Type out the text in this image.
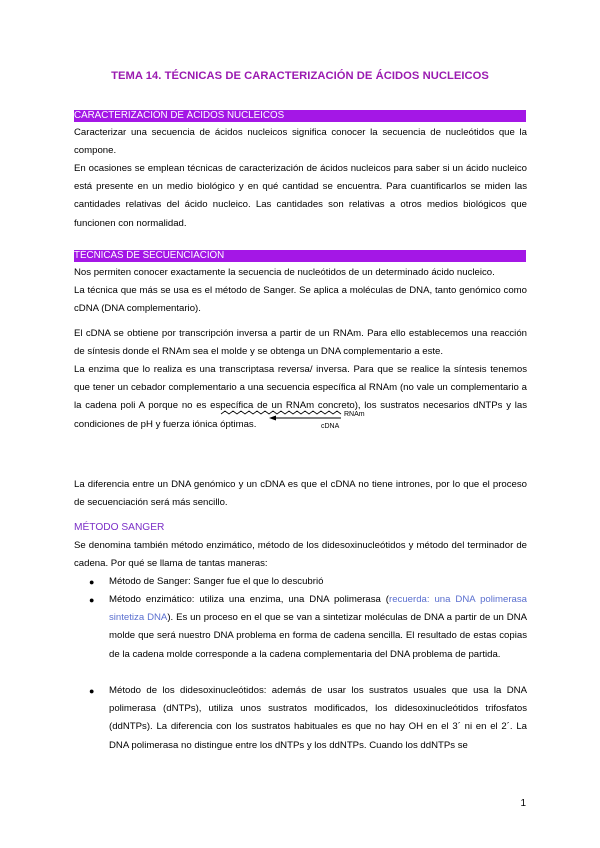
TEMA 14. TÉCNICAS DE CARACTERIZACIÓN DE ÁCIDOS NUCLEICOS
CARACTERIZACIÓN DE ÁCIDOS NUCLEICOS

Caracterizar una secuencia de ácidos nucleicos significa conocer la secuencia de nucleótidos que la compone.

En ocasiones se emplean técnicas de caracterización de ácidos nucleicos para saber si un ácido nucleico está presente en un medio biológico y en qué cantidad se encuentra. Para cuantificarlos se miden las cantidades relativas del ácido nucleico. Las cantidades son relativas a otros medios biológicos que funcionen con normalidad.

TÉCNICAS DE SECUENCIACIÓN

Nos permiten conocer exactamente la secuencia de nucleótidos de un determinado ácido nucleico.

La técnica que más se usa es el método de Sanger. Se aplica a moléculas de DNA, tanto genómico como cDNA (DNA complementario).

El cDNA se obtiene por transcripción inversa a partir de un RNAm. Para ello establecemos una reacción de síntesis donde el RNAm sea el molde y se obtenga un DNA complementario a este.

La enzima que lo realiza es una transcriptasa reversa/ inversa. Para que se realice la síntesis tenemos que tener un cebador complementario a una secuencia específica al RNAm (no vale un complementario a la cadena poli A porque no es específica de un RNAm concreto), los sustratos necesarios dNTPs y las condiciones de pH y fuerza iónica óptimas.

RNAm
cDNA

La diferencia entre un DNA genómico y un cDNA es que el cDNA no tiene intrones, por lo que el proceso de secuenciación será más sencillo.

MÉTODO SANGER

Se denomina también método enzimático, método de los didesoxinucleótidos y método del terminador de cadena. Por qué se llama de tantas maneras:

● Método de Sanger: Sanger fue el que lo descubrió

● Método enzimático: utiliza una enzima, una DNA polimerasa (recuerda: una DNA polimerasa sintetiza DNA). Es un proceso en el que se van a sintetizar moléculas de DNA a partir de un DNA molde que será nuestro DNA problema en forma de cadena sencilla. El resultado de estas copias de la cadena molde corresponde a la cadena complementaria del DNA problema de partida.

● Método de los didesoxinucleótidos: además de usar los sustratos usuales que usa la DNA polimerasa (dNTPs), utiliza unos sustratos modificados, los didesoxinucleótidos trifosfatos (ddNTPs). La diferencia con los sustratos habituales es que no hay OH en el 3´ ni en el 2´. La DNA polimerasa no distingue entre los dNTPs y los ddNTPs. Cuando los ddNTPs se

1
